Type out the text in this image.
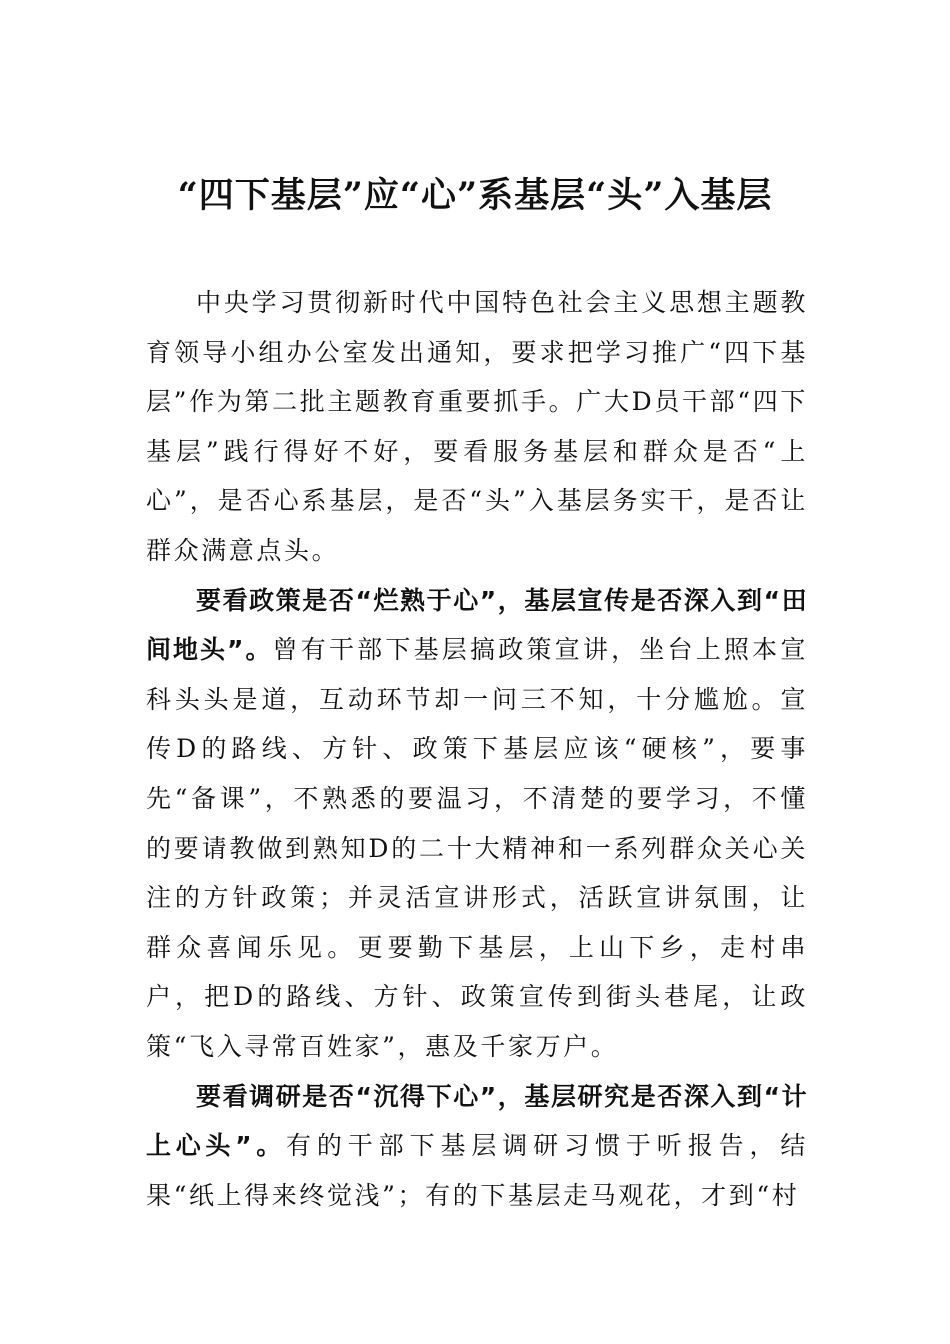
“四下基层”应“心”系基层“头”入基层

中央学习贯彻新时代中国特色社会主义思想主题教育领导小组办公室发出通知，要求把学习推广“四下基层”作为第二批主题教育重要抓手。广大D员干部“四下基层”践行得好不好，要看服务基层和群众是否“上心”，是否心系基层，是否“头”入基层务实干，是否让群众满意点头。

要看政策是否“烂熟于心”，基层宣传是否深入到“田间地头”。曾有干部下基层搞政策宣讲，坐台上照本宣科头头是道，互动环节却一问三不知，十分尴尬。宣传D的路线、方针、政策下基层应该“硬核”，要事先“备课”，不熟悉的要温习，不清楚的要学习，不懂的要请教做到熟知D的二十大精神和一系列群众关心关注的方针政策；并灵活宣讲形式，活跃宣讲氛围，让群众喜闻乐见。更要勤下基层，上山下乡，走村串户，把D的路线、方针、政策宣传到街头巷尾，让政策“飞入寻常百姓家”，惠及千家万户。

要看调研是否“沉得下心”，基层研究是否深入到“计上心头”。有的干部下基层调研习惯于听报告，结果“纸上得来终觉浅”；有的下基层走马观花，才到“村
